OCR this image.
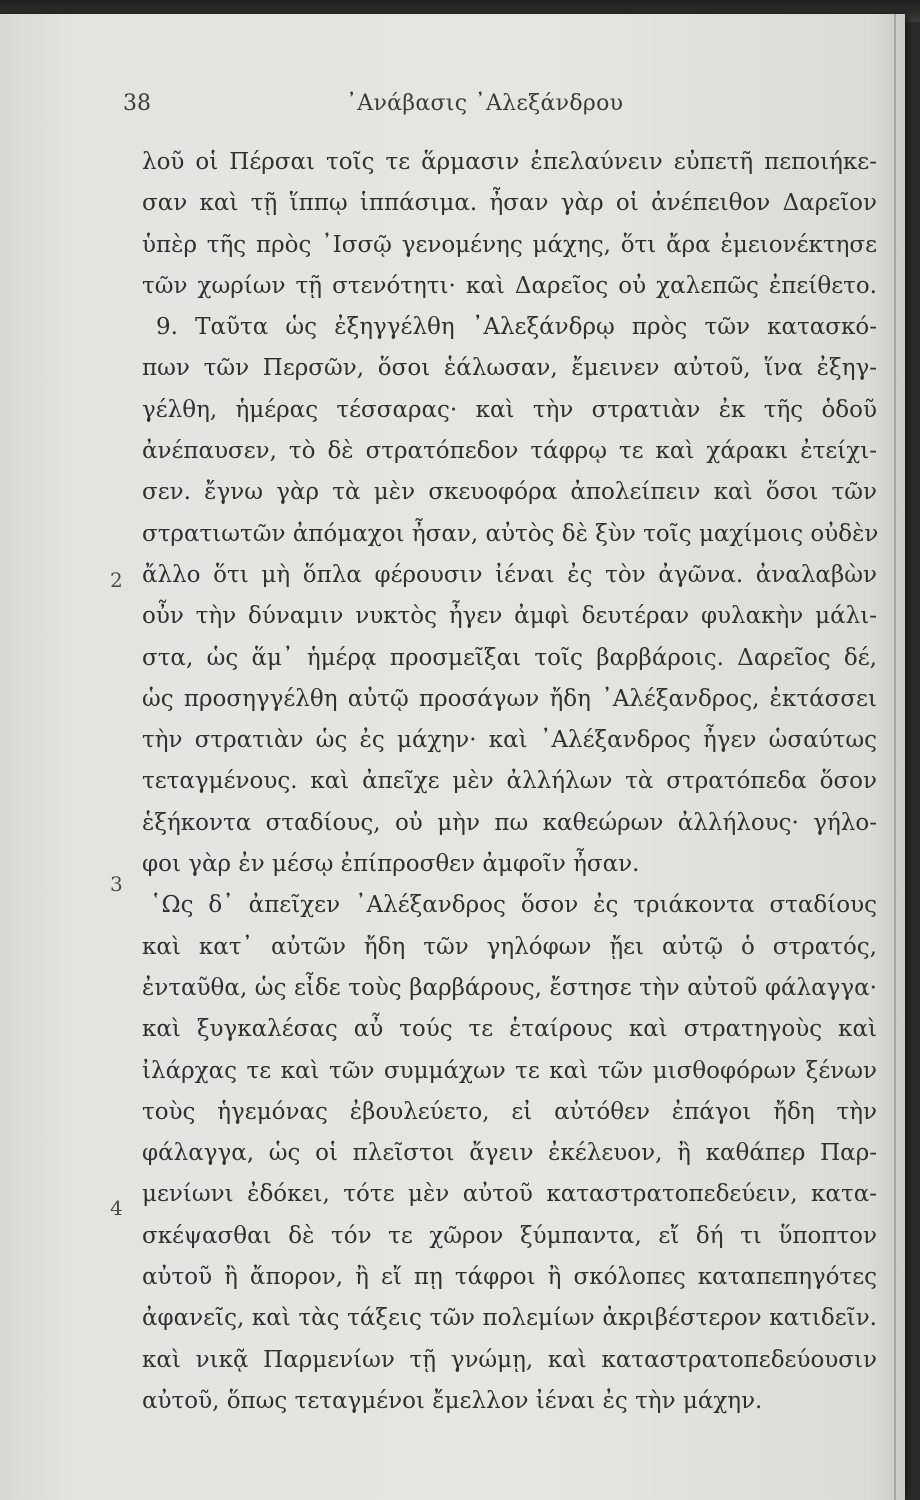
38	᾿Ανάβασις ᾿Αλεξάνδρου
2
3
4
λοῦ οἱ Πέρσαι τοῖς τε ἅρμασιν ἐπελαύνειν εὐπετῆ πεποιήκε-
σαν καὶ τῇ ἵππῳ ἱππάσιμα. ἦσαν γὰρ οἱ ἀνέπειθον Δαρεῖον
ὑπὲρ τῆς πρὸς ᾿Ισσῷ γενομένης μάχης, ὅτι ἄρα ἐμειονέκτησε
τῶν χωρίων τῇ στενότητι· καὶ Δαρεῖος οὐ χαλεπῶς ἐπείθετο.
9. Ταῦτα ὡς ἐξηγγέλθη ᾿Αλεξάνδρῳ πρὸς τῶν κατασκό-
πων τῶν Περσῶν, ὅσοι ἑάλωσαν, ἔμεινεν αὐτοῦ, ἵνα ἐξηγ-
γέλθη, ἡμέρας τέσσαρας· καὶ τὴν στρατιὰν ἐκ τῆς ὁδοῦ
ἀνέπαυσεν, τὸ δὲ στρατόπεδον τάφρῳ τε καὶ χάρακι ἐτείχι-
σεν. ἔγνω γὰρ τὰ μὲν σκευοφόρα ἀπολείπειν καὶ ὅσοι τῶν
στρατιωτῶν ἀπόμαχοι ἦσαν, αὐτὸς δὲ ξὺν τοῖς μαχίμοις οὐδὲν
ἄλλο ὅτι μὴ ὅπλα φέρουσιν ἰέναι ἐς τὸν ἀγῶνα. ἀναλαβὼν
οὖν τὴν δύναμιν νυκτὸς ἦγεν ἀμφὶ δευτέραν φυλακὴν μάλι-
στα, ὡς ἅμ᾿ ἡμέρᾳ προσμεῖξαι τοῖς βαρβάροις. Δαρεῖος δέ,
ὡς προσηγγέλθη αὐτῷ προσάγων ἤδη ᾿Αλέξανδρος, ἐκτάσσει
τὴν στρατιὰν ὡς ἐς μάχην· καὶ ᾿Αλέξανδρος ἦγεν ὡσαύτως
τεταγμένους. καὶ ἀπεῖχε μὲν ἀλλήλων τὰ στρατόπεδα ὅσον
ἑξήκοντα σταδίους, οὐ μὴν πω καθεώρων ἀλλήλους· γήλο-
φοι γὰρ ἐν μέσῳ ἐπίπροσθεν ἀμφοῖν ἦσαν.
῾Ως δ᾿ ἀπεῖχεν ᾿Αλέξανδρος ὅσον ἐς τριάκοντα σταδίους
καὶ κατ᾿ αὐτῶν ἤδη τῶν γηλόφων ᾔει αὐτῷ ὁ στρατός,
ἐνταῦθα, ὡς εἶδε τοὺς βαρβάρους, ἔστησε τὴν αὐτοῦ φάλαγγα·
καὶ ξυγκαλέσας αὖ τούς τε ἑταίρους καὶ στρατηγοὺς καὶ
ἰλάρχας τε καὶ τῶν συμμάχων τε καὶ τῶν μισθοφόρων ξένων
τοὺς ἡγεμόνας ἐβουλεύετο, εἰ αὐτόθεν ἐπάγοι ἤδη τὴν
φάλαγγα, ὡς οἱ πλεῖστοι ἄγειν ἐκέλευον, ἢ καθάπερ Παρ-
μενίωνι ἐδόκει, τότε μὲν αὐτοῦ καταστρατοπεδεύειν, κατα-
σκέψασθαι δὲ τόν τε χῶρον ξύμπαντα, εἴ δή τι ὕποπτον
αὐτοῦ ἢ ἄπορον, ἢ εἴ πῃ τάφροι ἢ σκόλοπες καταπεπηγότες
ἀφανεῖς, καὶ τὰς τάξεις τῶν πολεμίων ἀκριβέστερον κατιδεῖν.
καὶ νικᾷ Παρμενίων τῇ γνώμῃ, καὶ καταστρατοπεδεύουσιν
αὐτοῦ, ὅπως τεταγμένοι ἔμελλον ἰέναι ἐς τὴν μάχην.
